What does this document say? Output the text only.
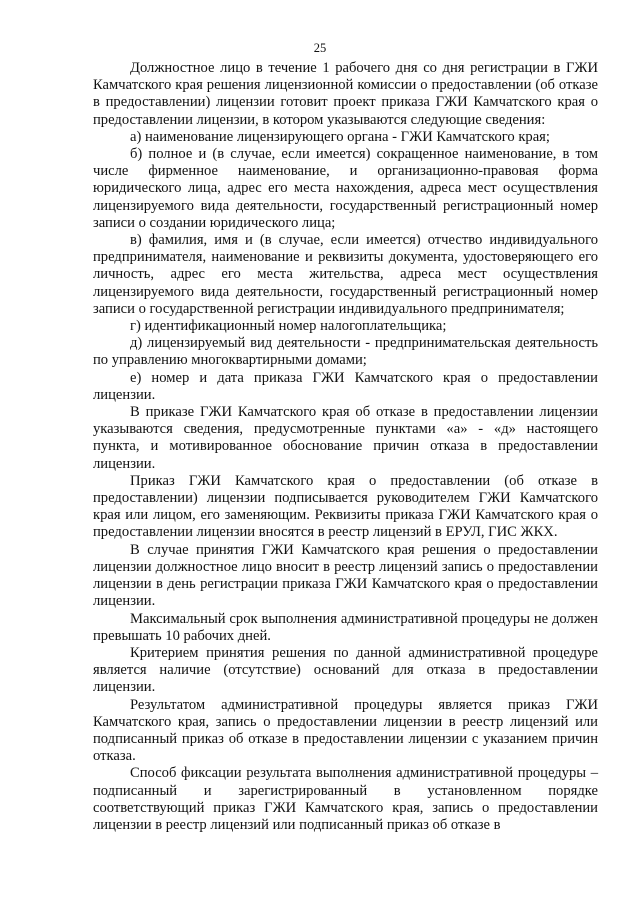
25

Должностное лицо в течение 1 рабочего дня со дня регистрации в ГЖИ Камчатского края решения лицензионной комиссии о предоставлении (об отказе в предоставлении) лицензии готовит проект приказа ГЖИ Камчатского края о предоставлении лицензии, в котором указываются следующие сведения:

а) наименование лицензирующего органа - ГЖИ Камчатского края;

б) полное и (в случае, если имеется) сокращенное наименование, в том числе фирменное наименование, и организационно-правовая форма юридического лица, адрес его места нахождения, адреса мест осуществления лицензируемого вида деятельности, государственный регистрационный номер записи о создании юридического лица;

в) фамилия, имя и (в случае, если имеется) отчество индивидуального предпринимателя, наименование и реквизиты документа, удостоверяющего его личность, адрес его места жительства, адреса мест осуществления лицензируемого вида деятельности, государственный регистрационный номер записи о государственной регистрации индивидуального предпринимателя;

г) идентификационный номер налогоплательщика;

д) лицензируемый вид деятельности - предпринимательская деятельность по управлению многоквартирными домами;

е) номер и дата приказа ГЖИ Камчатского края о предоставлении лицензии.

В приказе ГЖИ Камчатского края об отказе в предоставлении лицензии указываются сведения, предусмотренные пунктами «а» - «д» настоящего пункта, и мотивированное обоснование причин отказа в предоставлении лицензии.

Приказ ГЖИ Камчатского края о предоставлении (об отказе в предоставлении) лицензии подписывается руководителем ГЖИ Камчатского края или лицом, его заменяющим. Реквизиты приказа ГЖИ Камчатского края о предоставлении лицензии вносятся в реестр лицензий в ЕРУЛ, ГИС ЖКХ.

В случае принятия ГЖИ Камчатского края решения о предоставлении лицензии должностное лицо вносит в реестр лицензий запись о предоставлении лицензии в день регистрации приказа ГЖИ Камчатского края о предоставлении лицензии.

Максимальный срок выполнения административной процедуры не должен превышать 10 рабочих дней.

Критерием принятия решения по данной административной процедуре является наличие (отсутствие) оснований для отказа в предоставлении лицензии.

Результатом административной процедуры является приказ ГЖИ Камчатского края, запись о предоставлении лицензии в реестр лицензий или подписанный приказ об отказе в предоставлении лицензии с указанием причин отказа.

Способ фиксации результата выполнения административной процедуры – подписанный и зарегистрированный в установленном порядке соответствующий приказ ГЖИ Камчатского края, запись о предоставлении лицензии в реестр лицензий или подписанный приказ об отказе в
